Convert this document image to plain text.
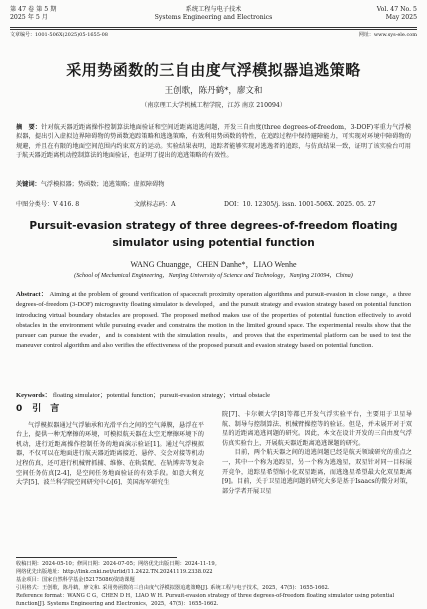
第 47 卷 第 5 期
2025 年 5 月
系统工程与电子技术
Systems Engineering and Electronics
Vol. 47 No. 5
May 2025
文章编号：1001-506X(2025)05-1655-08	网址：www.sys-ele.com
采用势函数的三自由度气浮模拟器追逃策略
王创歌，陈丹鹤*，廖文和
（南京理工大学机械工程学院，江苏 南京 210094）
摘　要：针对航天器近距离操作控制算法地面验证和空间近距离追逃问题，开发三自由度(three degrees-of-freedom，3-DOF)零重力气浮模拟器，提出引入虚拟边界障碍物的势函数追踪策略和逃逸策略，有效利用势函数的特性，在追踪过程中保持避障能力，可实现对环境中障碍物的规避，并且在有限的地面空间范围内约束双方的运动。实验结果表明，追踪者能够实现对逃逸者的追踪，与仿真结果一致，证明了该实验台可用于航天器近距离机动控制算法的地面验证，也证明了提出的追逃策略的有效性。
关键词：气浮模拟器；势函数；追逃策略；虚拟障碍物
中图分类号：V 416. 8	文献标志码：A	DOI：10. 12305/j. issn. 1001-506X. 2025. 05. 27
Pursuit-evasion strategy of three degrees-of-freedom floating simulator using potential function
WANG Chuangge，CHEN Danhe*，LIAO Wenhe
(School of Mechanical Engineering，Nanjing University of Science and Technology，Nanjing 210094，China)
Abstract： Aiming at the problem of ground verification of spacecraft proximity operation algorithms and pursuit-evasion in close range，a three degrees-of-freedom (3-DOF) microgravity floating simulator is developed，and the pursuit strategy and evasion strategy based on potential function introducing virtual boundary obstacles are proposed. The proposed method makes use of the properties of potential function effectively to avoid obstacles in the environment while pursuing evader and constrains the motion in the limited ground space. The experimental results show that the pursuer can pursue the evader，and is consistent with the simulation results，and proves that the experimental platform can be used to test the maneuver control algorithm and also verifies the effectiveness of the proposed pursuit and evasion strategy based on potential function.
Keywords： floating simulator；potential function；pursuit-evasion strategy；virtual obstacle
0 引　言
气浮模拟器通过气浮轴承和光滑平台之间的空气薄膜，悬浮在平台上，提供一种无摩擦的环境，可模拟航天器在太空无摩擦环境下的机动，进行近距离操作控制任务的地面演示验证[1]。通过气浮模拟器，不仅可以在地面进行航天器近距离接近、悬停、交会对接等机动过程仿真，还可进行机械臂抓捕、维修、在轨装配、在轨博弈等复杂空间任务仿真[2-4]，是空间任务地面验证的有效手段。如意大利克大学[5]、波兰科学院空间研究中心[6]、美国海军研究生
院[7]、卡尔顿大学[8]等都已开发气浮实验平台，主要用于卫星导航、制导与控制算法、机械臂操控等的验证。但是，并未展开对于双星的近距离追逃问题的研究。因此，本文在设计开发的三自由度气浮仿真实验台上，开展航天器近距离追逃课题的研究。
　　目前，两个航天器之间的追逃问题已经是航天领域研究的重点之一，其中一个称为追踪星，另一个称为逃逸星，双星针对同一目标展开竞争，追踪星希望缩小化双星距离，而逃逸星希望最大化双星距离[9]。目前，关于卫星追逃问题的研究大多是基于Isaacs的微分对策，部分学者开展卫星
收稿日期：2024-05-10；修回日期：2024-07-05；网络优先出版日期：2024-11-19。
网络优先出版地址：http://link.cnki.net/urlid/11.2422.TN.20241119.2338.022
基金项目：国家自然科学基金(52175086)资助课题
引用格式：王创歌，陈丹鹤，廖文和. 采用势函数的三自由度气浮模拟器追逃策略[J]. 系统工程与电子技术，2025，47(5)：1655-1662.
Reference format：WANG C G，CHEN D H，LIAO W H. Pursuit-evasion strategy of three degrees-of-freedom floating simulator using potential function[J]. Systems Engineering and Electronics，2025，47(5)：1655-1662.
